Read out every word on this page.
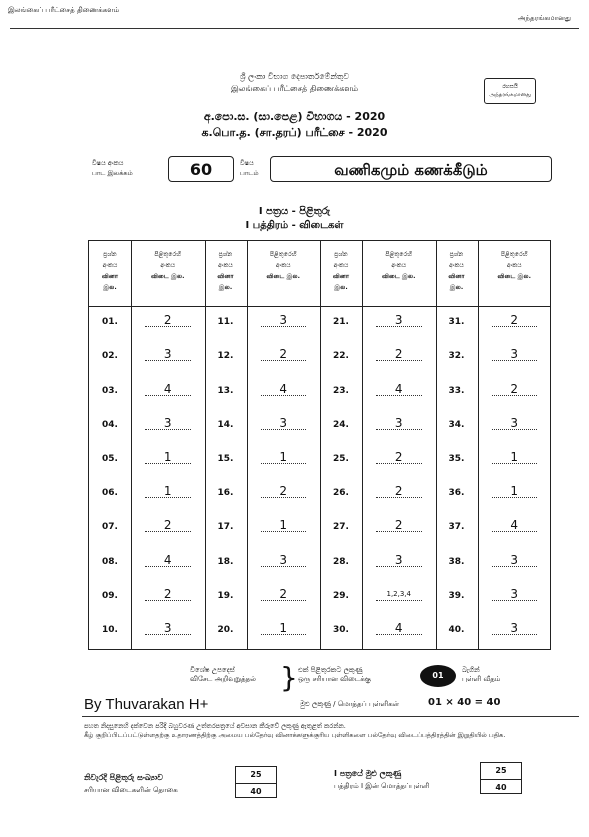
இலங்கைப் பரீட்சைத் திணைக்களம்
அந்தரங்கமானது
රහසයි
அந்தரங்கமானது
ශ්‍රී ලංකා විභාග දෙපාර්තමේන්තුව
இலங்கைப் பரீட்சைத் திணைக்களம்
අ.පො.ස. (සා.පෙළ) විභාගය - 2020
க.பொ.த. (சா.தரப்) பரீட்சை - 2020
විෂය අංකය
பாட இலக்கம்	60	විෂය
பாடம்	வணிகமும் கணக்கீடும்
I පත්‍රය - පිළිතුරු
I பத்திரம் - விடைகள்
ප්‍රශ්න
අංකය
வினா
இல.
පිළිතුරෙහි
අංකය
விடை இல.
01.	2
02.	3
03.	4
04.	3
05.	1
06.	1
07.	2
08.	4
09.	2
10.	3
ප්‍රශ්න
අංකය
வினா
இல.
පිළිතුරෙහි
අංකය
விடை இல.
11.	3
12.	2
13.	4
14.	3
15.	1
16.	2
17.	1
18.	3
19.	2
20.	1
ප්‍රශ්න
අංකය
வினா
இல.
පිළිතුරෙහි
අංකය
விடை இல.
21.	3
22.	2
23.	4
24.	3
25.	2
26.	2
27.	2
28.	3
29.	1,2,3,4
30.	4
ප්‍රශ්න
අංකය
வினா
இல.
පිළිතුරෙහි
අංකය
விடை இல.
31.	2
32.	3
33.	2
34.	3
35.	1
36.	1
37.	4
38.	3
39.	3
40.	3
විශේෂ උපදෙස්
விசேட அறிவுறுத்தல் } එක් පිළිතුරකට ලකුණු
ஒரு சரியான விடைக்கு	01
බැගින්
புள்ளி வீதம்
By Thuvarakan H+	මුළු ලකුණු / மொத்தப் புள்ளிகள்	01 × 40 = 40
පහත නිදසුනෙහි දක්වෙන පරිදි බහුවරණ උත්තරපත්‍රයේ අවසාන කීරුවේ ලකුණු ඇතුළත් කරන්න.
கீழ் குறிப்பிடப்பட்டுள்ளதற்கு உதாரணத்திற்கு அமைய பல்தேர்வு வினாக்களுக்குரிய புள்ளிகளை பல்தேர்வு விடைப்பத்திரத்தின் இறுதியில் பதிக.
නිවැරදි පිළිතුරු සංඛ්‍යාව
சரியான விடைகளின் தொகை	$\frac{25}{40}$	I පත්‍රයේ මුළු ලකුණු
பத்திரம் I இன் மொத்தப்புள்ளி	$\frac{25}{40}$
